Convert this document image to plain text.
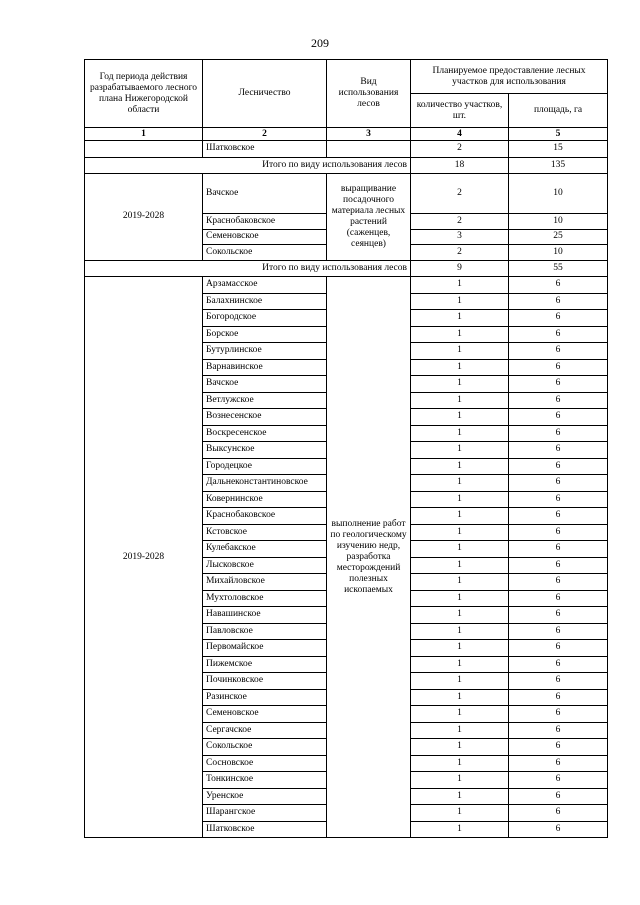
209
Год периода действия разрабатываемого лесного плана Нижегородской области	Лесничество	Вид использования лесов	Планируемое предоставление лесных участков для использования	
			количество участков, шт.	площадь, га
1	2	3	4	5
	Шатковское		2	15
Итого по виду использования лесов			18	135
2019-2028	Вачское	выращивание посадочного материала лесных растений (саженцев, сеянцев)	2	10
	Краснобаковское		2	10
	Семеновское		3	25
	Сокольское		2	10
Итого по виду использования лесов			9	55
2019-2028	Арзамасское	выполнение работ по геологическому изучению недр, разработка месторождений полезных ископаемых	1	6
	Балахнинское		1	6
	Богородское		1	6
	Борское		1	6
	Бутурлинское		1	6
	Варнавинское		1	6
	Вачское		1	6
	Ветлужское		1	6
	Вознесенское		1	6
	Воскресенское		1	6
	Выксунское		1	6
	Городецкое		1	6
	Дальнеконстантиновское		1	6
	Ковернинское		1	6
	Краснобаковское		1	6
	Кстовское		1	6
	Кулебакское		1	6
	Лысковское		1	6
	Михайловское		1	6
	Мухтоловское		1	6
	Навашинское		1	6
	Павловское		1	6
	Первомайское		1	6
	Пижемское		1	6
	Починковское		1	6
	Разинское		1	6
	Семеновское		1	6
	Сергачское		1	6
	Сокольское		1	6
	Сосновское		1	6
	Тонкинское		1	6
	Уренское		1	6
	Шарангское		1	6
	Шатковское		1	6
